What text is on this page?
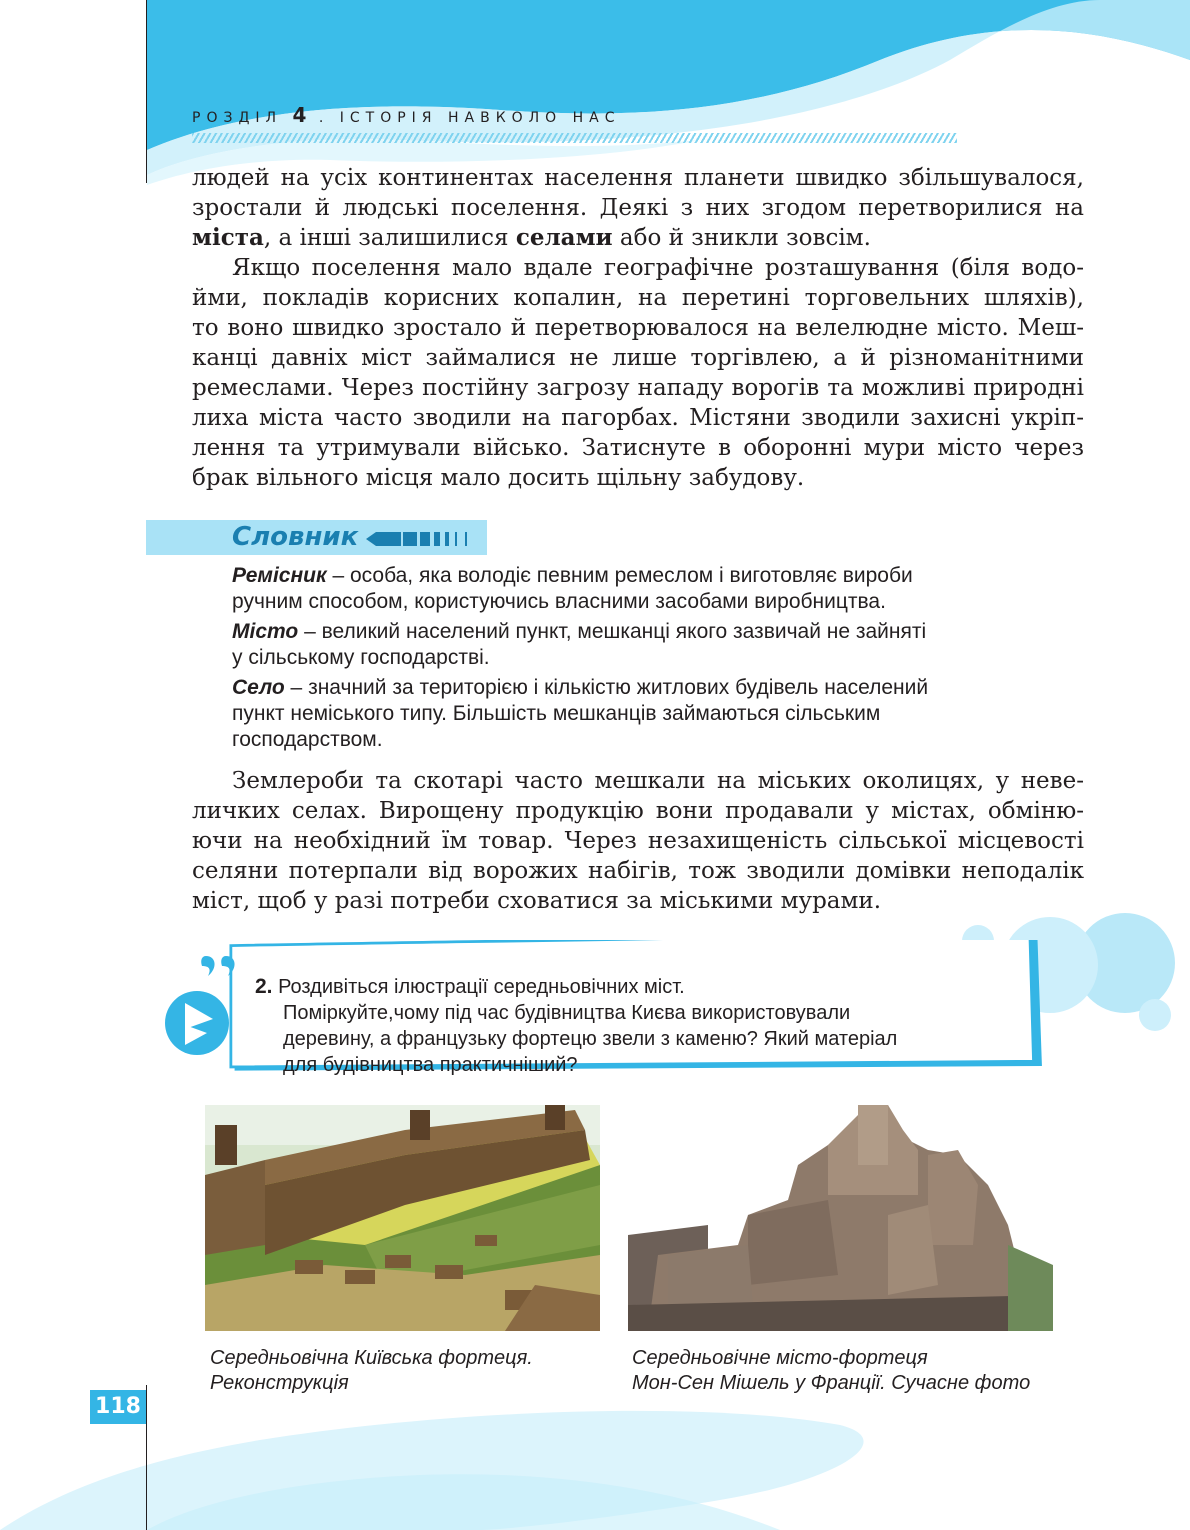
РОЗДІЛ 4 . ІСТОРІЯ НАВКОЛО НАС

людей на усіх континентах населення планети швидко збільшувалося,
зростали й людські поселення. Деякі з них згодом перетворилися на
міста, а інші залишилися селами або й зникли зовсім.

Якщо поселення мало вдале географічне розташування (біля водо-
йми, покладів корисних копалин, на перетині торговельних шляхів),
то воно швидко зростало й перетворювалося на велелюдне місто. Меш-
канці давніх міст займалися не лише торгівлею, а й різноманітними
ремеслами. Через постійну загрозу нападу ворогів та можливі природні
лиха міста часто зводили на пагорбах. Містяни зводили захисні укріп-
лення та утримували військо. Затиснуте в оборонні мури місто через
брак вільного місця мало досить щільну забудову.

Словник
Ремісник – особа, яка володіє певним ремеслом і виготовляє вироби
ручним способом, користуючись власними засобами виробництва.
Місто – великий населений пункт, мешканці якого зазвичай не зайняті
у сільському господарстві.
Село – значний за територією і кількістю житлових будівель населений
пункт неміського типу. Більшість мешканців займаються сільським
господарством.

Землероби та скотарі часто мешкали на міських околицях, у неве-
личких селах. Вирощену продукцію вони продавали у містах, обміню-
ючи на необхідний їм товар. Через незахищеність сільської місцевості
селяни потерпали від ворожих набігів, тож зводили домівки неподалік
міст, щоб у разі потреби сховатися за міськими мурами.

2. Роздивіться ілюстрації середньовічних міст.
Поміркуйте,чому під час будівництва Києва використовували
деревину, а французьку фортецю звели з каменю? Який матеріал
для будівництва практичніший?
Середньовічна Київська фортеця.
Реконструкція
Середньовічне місто-фортеця
Мон-Сен Мішель у Франції. Сучасне фото
118
